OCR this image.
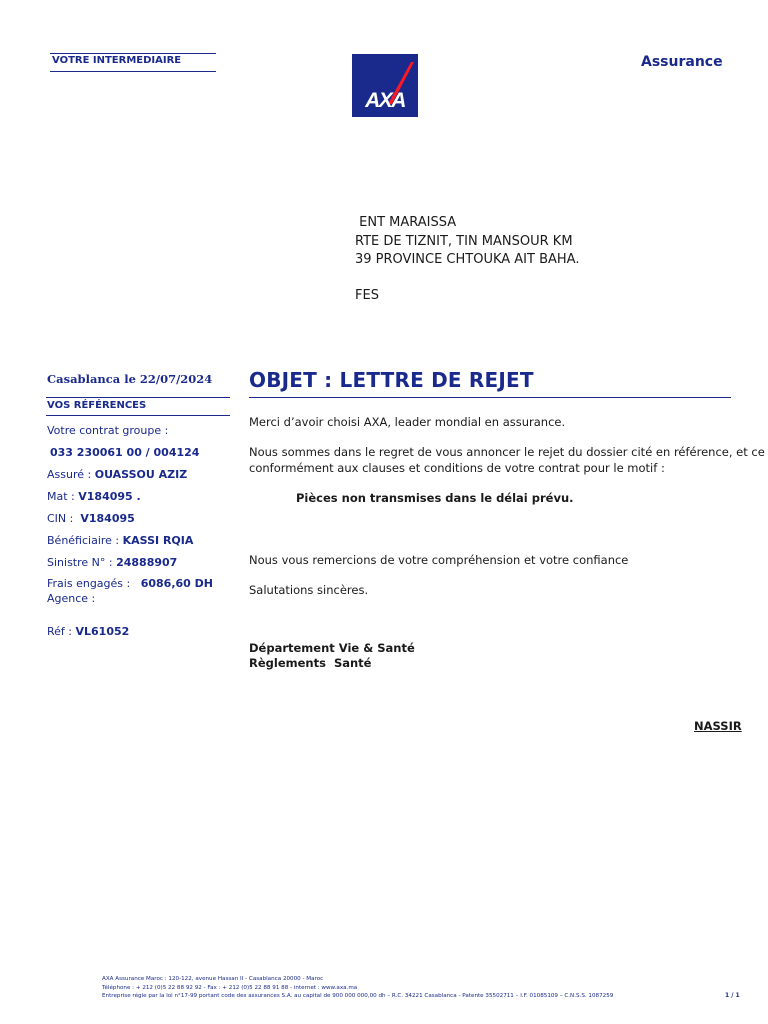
VOTRE INTERMEDIAIRE
AXA
Assurance
ENT MARAISSA
RTE DE TIZNIT, TIN MANSOUR KM
39 PROVINCE CHTOUKA AIT BAHA.
FES
Casablanca le 22/07/2024
VOS RÉFÉRENCES
Votre contrat groupe :
033 230061 00 / 004124
Assuré : OUASSOU AZIZ
Mat : V184095 .
CIN :  V184095
Bénéficiaire : KASSI RQIA
Sinistre N° : 24888907
Frais engagés :   6086,60 DH
Agence :
Réf : VL61052
OBJET : LETTRE DE REJET
Merci d’avoir choisi AXA, leader mondial en assurance.
Nous sommes dans le regret de vous annoncer le rejet du dossier cité en référence, et ce
conformément aux clauses et conditions de votre contrat pour le motif :
Pièces non transmises dans le délai prévu.
Nous vous remercions de votre compréhension et votre confiance
Salutations sincères.
Département Vie & Santé
Règlements  Santé
NASSIR
AXA Assurance Maroc : 120-122, avenue Hassan II - Casablanca 20000 - Maroc
Téléphone : + 212 (0)5 22 88 92 92 - Fax : + 212 (0)5 22 88 91 88 - internet : www.axa.ma
Entreprise régie par la loi n°17-99 portant code des assurances S.A. au capital de 900 000 000,00 dh – R.C. 34221 Casablanca - Patente 35502711 – I.F. 01085109 – C.N.S.S. 1087259	1 / 1
